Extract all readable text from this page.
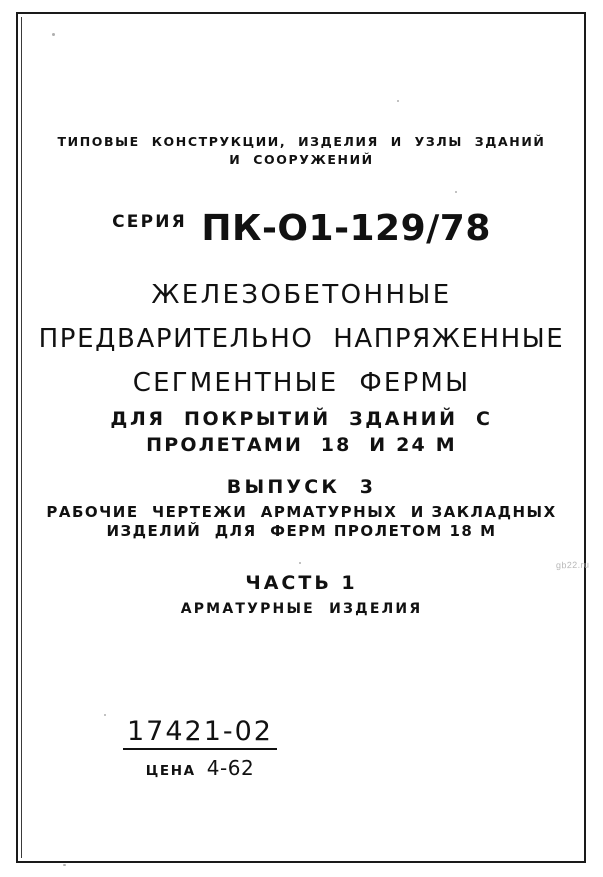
ТИПОВЫЕ  КОНСТРУКЦИИ,  ИЗДЕЛИЯ  И  УЗЛЫ  ЗДАНИЙ
И  СООРУЖЕНИЙ
СЕРИЯ ПК-О1-129/78
ЖЕЛЕЗОБЕТОННЫЕ
ПРЕДВАРИТЕЛЬНО  НАПРЯЖЕННЫЕ
СЕГМЕНТНЫЕ  ФЕРМЫ
ДЛЯ  ПОКРЫТИЙ  ЗДАНИЙ  С
ПРОЛЕТАМИ  18  И 24 М
ВЫПУСК  3
РАБОЧИЕ  ЧЕРТЕЖИ  АРМАТУРНЫХ  И ЗАКЛАДНЫХ
ИЗДЕЛИЙ  ДЛЯ  ФЕРМ ПРОЛЕТОМ 18 М
ЧАСТЬ 1
АРМАТУРНЫЕ  ИЗДЕЛИЯ
17421-02
ЦЕНА 4-62
gb22.ru
